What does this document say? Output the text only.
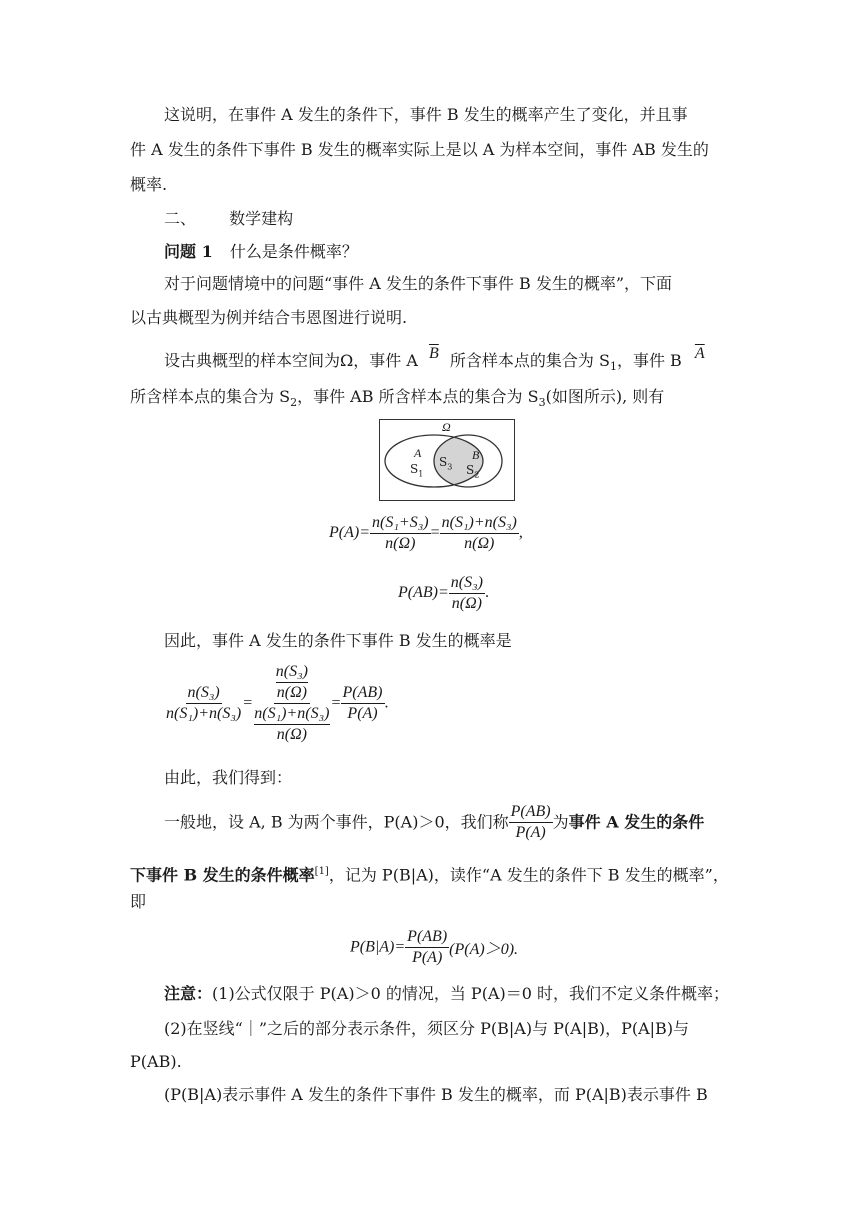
这说明，在事件 A 发生的条件下，事件 B 发生的概率产生了变化，并且事
件 A 发生的条件下事件 B 发生的概率实际上是以 A 为样本空间，事件 AB 发生的
概率.
二、 数学建构
问题 1 什么是条件概率？
对于问题情境中的问题“事件 A 发生的条件下事件 B 发生的概率”，下面
以古典概型为例并结合韦恩图进行说明.
设古典概型的样本空间为Ω，事件 A $\overline{B}$ 所含样本点的集合为 $S_1$，事件 B $\overline{A}$
所含样本点的集合为 $S_2$，事件 AB 所含样本点的集合为 $S_3$(如图所示), 则有
Ω
A
$S_1$
$S_3$
B
$S_2$
$P(A)= \frac{\text{n(S₁+S₃)}}{n(\Omega)} = \frac{\text{n(S₁)+n(S₃)}}{n(\Omega)}$ ,
$P(AB)= \frac{\text{n(S₃)}}{n(\Omega)}$ .
因此，事件 A 发生的条件下事件 B 发生的概率是
$\frac{\text{n(S₃)}}{\text{n(S₁)+n(S₃)}} = n(S_3)$
n(Ω)
n(S₁)+n(S₃)
$n(\Omega) = \frac{P(AB)}{P(A)}$ .
由此，我们得到：
一般地，设 A, B 为两个事件，P(A)＞0，我们称 $\frac{P(AB)}{P(A)}$ 为事件 A 发生的条件
下事件 B 发生的条件概率[1]，记为 P(B|A)，读作“A 发生的条件下 B 发生的概率”，
即
$P(B|A)= \frac{P(AB)}{P(A)} (P(A)>0)$.
注意：(1)公式仅限于 P(A)＞0 的情况，当 P(A)＝0 时，我们不定义条件概率；
(2)在竖线“｜”之后的部分表示条件，须区分 P(B|A)与 P(A|B)，P(A|B)与
P(AB).
(P(B|A)表示事件 A 发生的条件下事件 B 发生的概率，而 P(A|B)表示事件 B
